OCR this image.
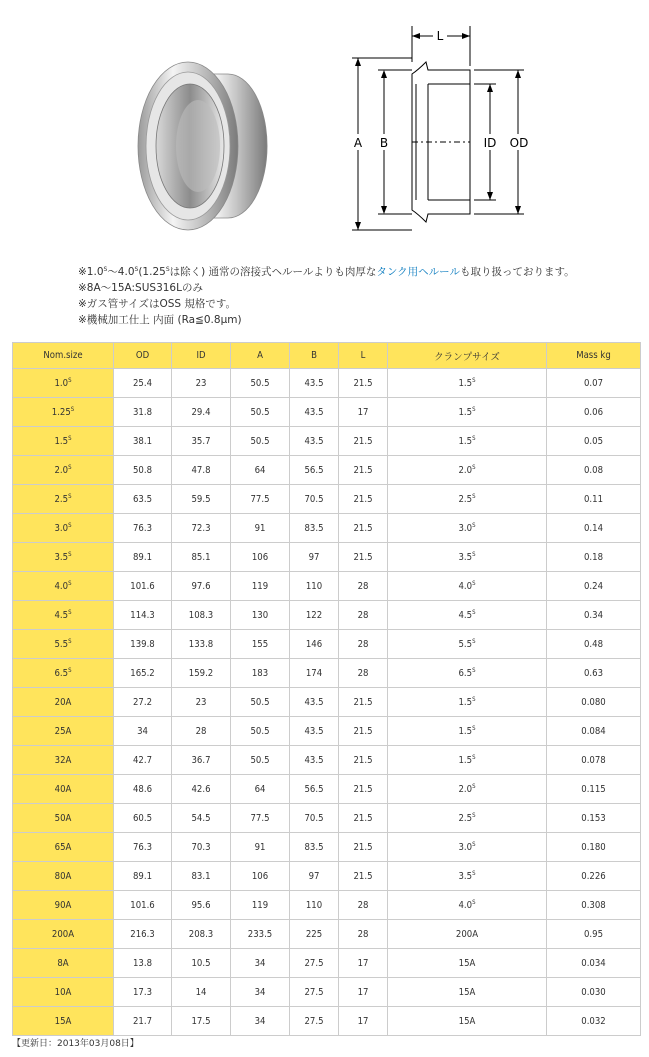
A B	ID OD
L
$※1.0^S\sim 4.0^S(1.25^S$は除く) 通常の溶接式ヘルールよりも肉厚なタンク用ヘルールも取り扱っております。
※8A～15A:SUS316Lのみ
※ガス管サイズはOSS 規格です。
※機械加工仕上 内面 (Ra≦0.8μm)
Nom.size	OD	ID	A	B	L	クランプサイズ	Mass kg
$1.0^S$	25.4	23	50.5	43.5	21.5	$1.5^S$	0.07
$1.25^S$	31.8	29.4	50.5	43.5	17	$1.5^S$	0.06
$1.5^S$	38.1	35.7	50.5	43.5	21.5	$1.5^S$	0.05
$2.0^S$	50.8	47.8	64	56.5	21.5	$2.0^S$	0.08
$2.5^S$	63.5	59.5	77.5	70.5	21.5	$2.5^S$	0.11
$3.0^S$	76.3	72.3	91	83.5	21.5	$3.0^S$	0.14
$3.5^S$	89.1	85.1	106	97	21.5	$3.5^S$	0.18
$4.0^S$	101.6	97.6	119	110	28	$4.0^S$	0.24
$4.5^S$	114.3	108.3	130	122	28	$4.5^S$	0.34
$5.5^S$	139.8	133.8	155	146	28	$5.5^S$	0.48
$6.5^S$	165.2	159.2	183	174	28	$6.5^S$	0.63
20A	27.2	23	50.5	43.5	21.5	$1.5^S$	0.080
25A	34	28	50.5	43.5	21.5	$1.5^S$	0.084
32A	42.7	36.7	50.5	43.5	21.5	$1.5^S$	0.078
40A	48.6	42.6	64	56.5	21.5	$2.0^S$	0.115
50A	60.5	54.5	77.5	70.5	21.5	$2.5^S$	0.153
65A	76.3	70.3	91	83.5	21.5	$3.0^S$	0.180
80A	89.1	83.1	106	97	21.5	$3.5^S$	0.226
90A	101.6	95.6	119	110	28	$4.0^S$	0.308
200A	216.3	208.3	233.5	225	28	200A	0.95
8A	13.8	10.5	34	27.5	17	15A	0.034
10A	17.3	14	34	27.5	17	15A	0.030
15A	21.7	17.5	34	27.5	17	15A	0.032
【更新日：2013年03月08日】
